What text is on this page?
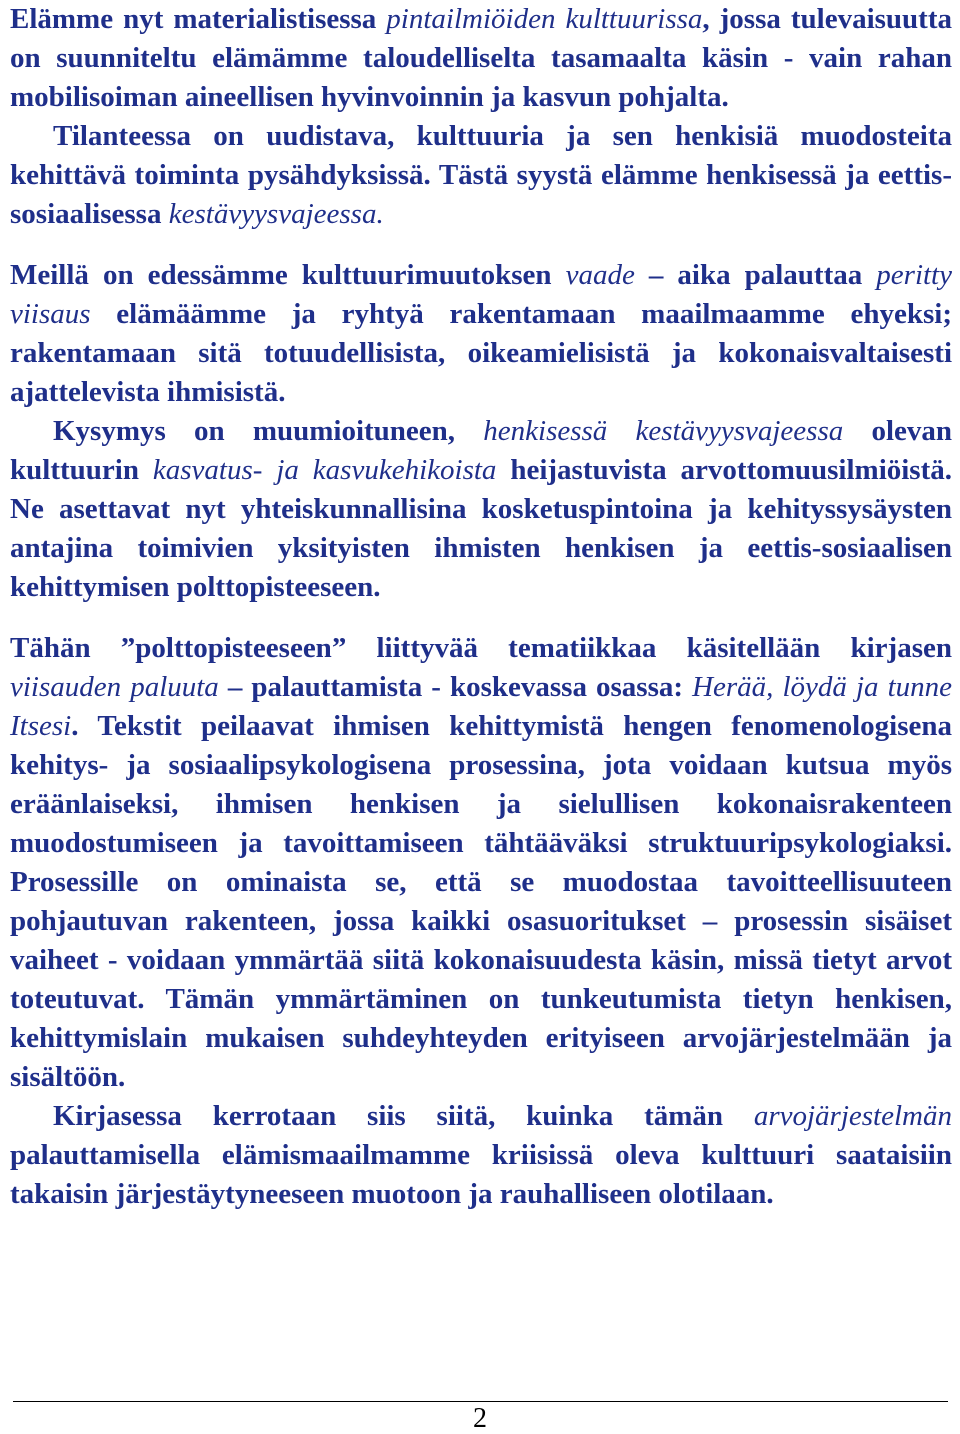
Elämme nyt materialistisessa pintailmiöiden kulttuurissa, jossa tulevaisuutta on suunniteltu elämämme taloudelliselta tasamaalta käsin - vain rahan mobilisoiman aineellisen hyvinvoinnin ja kasvun pohjalta.

Tilanteessa on uudistava, kulttuuria ja sen henkisiä muodosteita kehittävä toiminta pysähdyksissä. Tästä syystä elämme henkisessä ja eettis-sosiaalisessa kestävyysvajeessa.

Meillä on edessämme kulttuurimuutoksen vaade – aika palauttaa peritty viisaus elämäämme ja ryhtyä rakentamaan maailmaamme ehyeksi; rakentamaan sitä totuudellisista, oikeamielisistä ja kokonaisvaltaisesti ajattelevista ihmisistä.

Kysymys on muumioituneen, henkisessä kestävyysvajeessa olevan kulttuurin kasvatus- ja kasvukehikoista heijastuvista arvottomuusilmiöistä. Ne asettavat nyt yhteiskunnallisina kosketuspintoina ja kehityssysäysten antajina toimivien yksityisten ihmisten henkisen ja eettis-sosiaalisen kehittymisen polttopisteeseen.

Tähän ”polttopisteeseen” liittyvää tematiikkaa käsitellään kirjasen viisauden paluuta – palauttamista - koskevassa osassa: Herää, löydä ja tunne Itsesi. Tekstit peilaavat ihmisen kehittymistä hengen fenomenologisena kehitys- ja sosiaalipsykologisena prosessina, jota voidaan kutsua myös eräänlaiseksi, ihmisen henkisen ja sielullisen kokonaisrakenteen muodostumiseen ja tavoittamiseen tähtääväksi struktuuripsykologiaksi. Prosessille on ominaista se, että se muodostaa tavoitteellisuuteen pohjautuvan rakenteen, jossa kaikki osasuoritukset – prosessin sisäiset vaiheet - voidaan ymmärtää siitä kokonaisuudesta käsin, missä tietyt arvot toteutuvat. Tämän ymmärtäminen on tunkeutumista tietyn henkisen, kehittymislain mukaisen suhdeyhteyden erityiseen arvojärjestelmään ja sisältöön.

Kirjasessa kerrotaan siis siitä, kuinka tämän arvojärjestelmän palauttamisella elämismaailmamme kriisissä oleva kulttuuri saataisiin takaisin järjestäytyneeseen muotoon ja rauhalliseen olotilaan.

2
